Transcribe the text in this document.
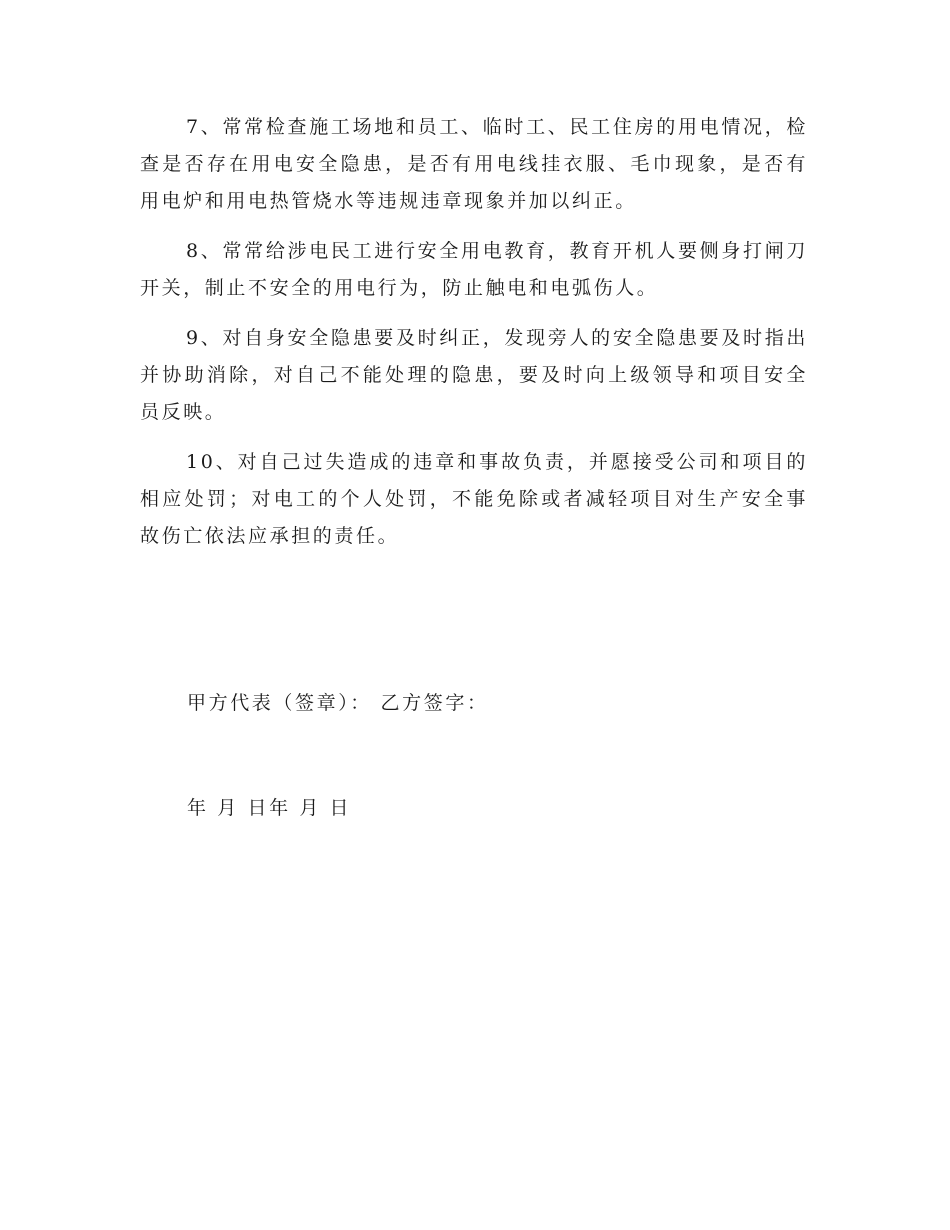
7、常常检查施工场地和员工、临时工、民工住房的用电情况，检查是否存在用电安全隐患，是否有用电线挂衣服、毛巾现象，是否有用电炉和用电热管烧水等违规违章现象并加以纠正。

8、常常给涉电民工进行安全用电教育，教育开机人要侧身打闸刀开关，制止不安全的用电行为，防止触电和电弧伤人。

9、对自身安全隐患要及时纠正，发现旁人的安全隐患要及时指出并协助消除，对自己不能处理的隐患，要及时向上级领导和项目安全员反映。

10、对自己过失造成的违章和事故负责，并愿接受公司和项目的相应处罚；对电工的个人处罚，不能免除或者减轻项目对生产安全事故伤亡依法应承担的责任。

甲方代表（签章）： 乙方签字：
年 月 日年 月 日
